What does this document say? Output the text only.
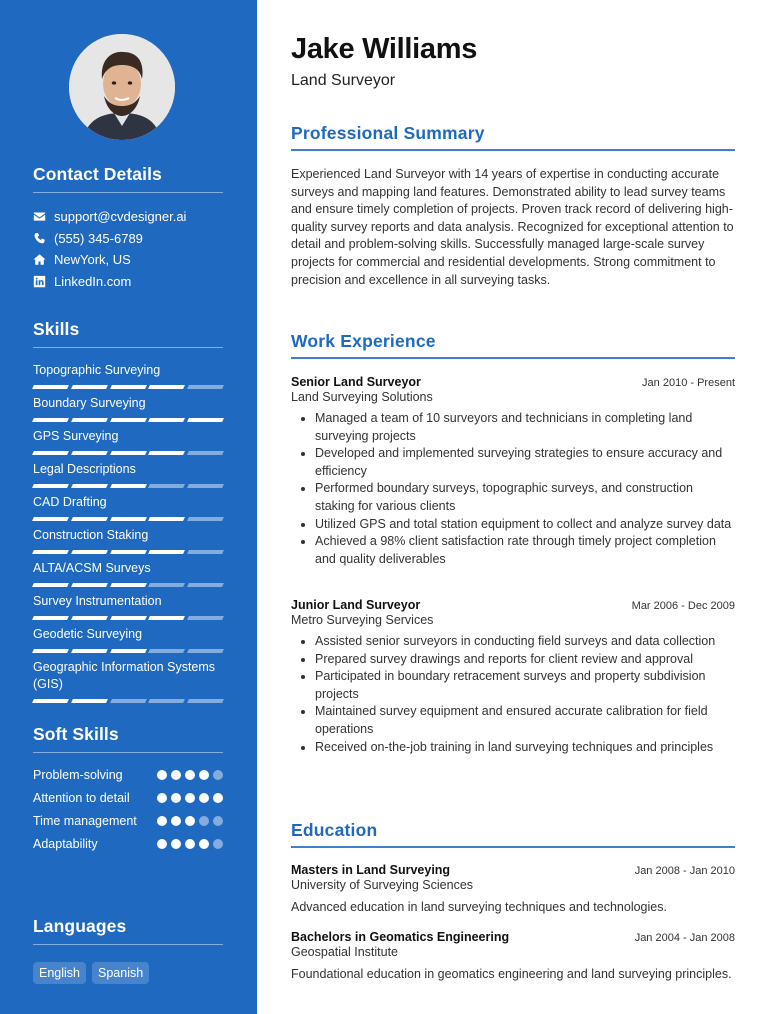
Contact Details
support@cvdesigner.ai
(555) 345-6789
NewYork, US
LinkedIn.com
Skills
Topographic Surveying
Boundary Surveying
GPS Surveying
Legal Descriptions
CAD Drafting
Construction Staking
ALTA/ACSM Surveys
Survey Instrumentation
Geodetic Surveying
Geographic Information Systems (GIS)
Soft Skills
Problem-solving
Attention to detail
Time management
Adaptability
Languages
English	Spanish
Jake Williams
Land Surveyor
Professional Summary

Experienced Land Surveyor with 14 years of expertise in conducting accurate surveys and mapping land features. Demonstrated ability to lead survey teams and ensure timely completion of projects. Proven track record of delivering high-quality survey reports and data analysis. Recognized for exceptional attention to detail and problem-solving skills. Successfully managed large-scale survey projects for commercial and residential developments. Strong commitment to precision and excellence in all surveying tasks.

Work Experience
Senior Land Surveyor	Jan 2010 - Present
Land Surveying Solutions
Managed a team of 10 surveyors and technicians in completing land surveying projects
Developed and implemented surveying strategies to ensure accuracy and efficiency
Performed boundary surveys, topographic surveys, and construction staking for various clients
Utilized GPS and total station equipment to collect and analyze survey data
Achieved a 98% client satisfaction rate through timely project completion and quality deliverables
Junior Land Surveyor	Mar 2006 - Dec 2009
Metro Surveying Services
Assisted senior surveyors in conducting field surveys and data collection
Prepared survey drawings and reports for client review and approval
Participated in boundary retracement surveys and property subdivision projects
Maintained survey equipment and ensured accurate calibration for field operations
Received on-the-job training in land surveying techniques and principles
Education
Masters in Land Surveying	Jan 2008 - Jan 2010
University of Surveying Sciences
Advanced education in land surveying techniques and technologies.
Bachelors in Geomatics Engineering	Jan 2004 - Jan 2008
Geospatial Institute
Foundational education in geomatics engineering and land surveying principles.
